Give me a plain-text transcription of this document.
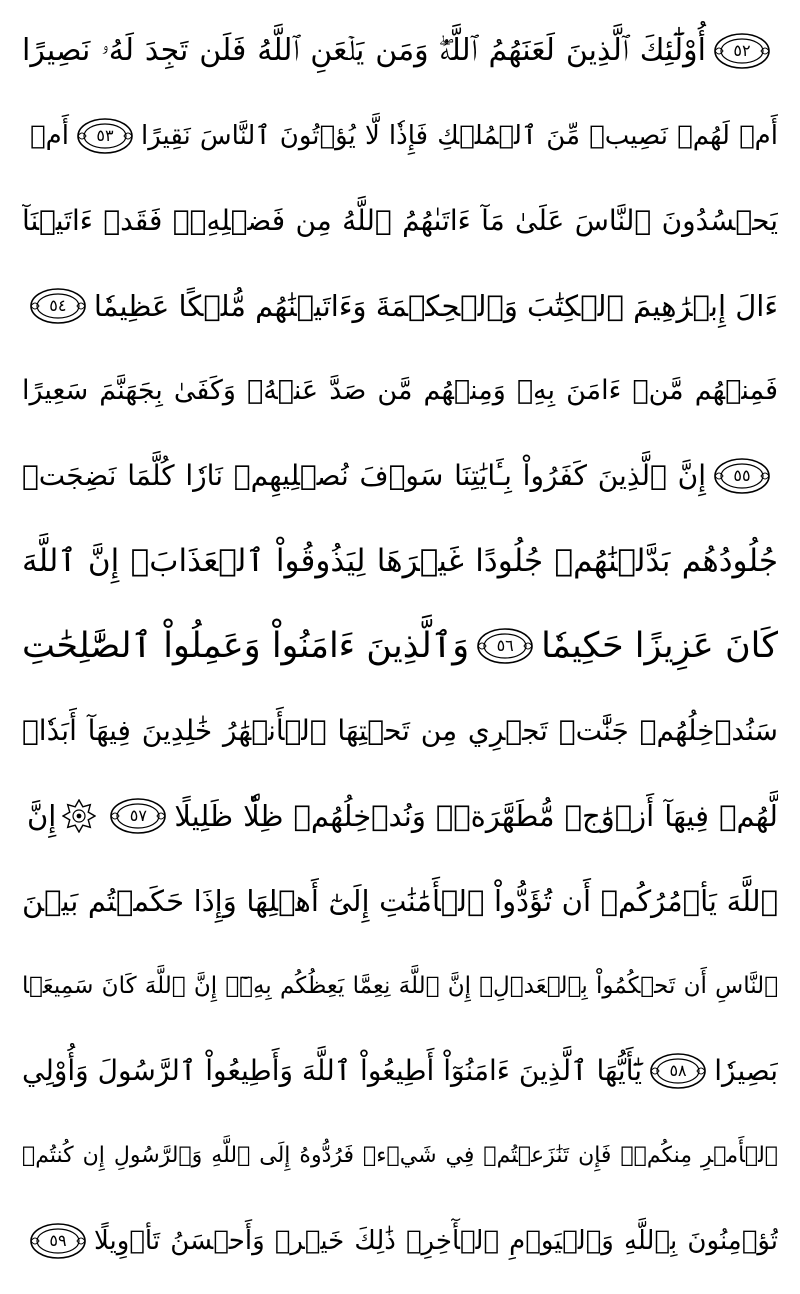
٥٢
أُوْلَٰٓئِكَ ٱلَّذِينَ لَعَنَهُمُ ٱللَّهُۖ وَمَن يَلۡعَنِ ٱللَّهُ فَلَن تَجِدَ لَهُۥ نَصِيرًا
أَمۡ لَهُمۡ نَصِيبٞ مِّنَ ٱلۡمُلۡكِ فَإِذٗا لَّا يُؤۡتُونَ ٱلنَّاسَ نَقِيرًا
٥٣
أَمۡ
يَحۡسُدُونَ ٱلنَّاسَ عَلَىٰ مَآ ءَاتَىٰهُمُ ٱللَّهُ مِن فَضۡلِهِۦۖ فَقَدۡ ءَاتَيۡنَآ
ءَالَ إِبۡرَٰهِيمَ ٱلۡكِتَٰبَ وَٱلۡحِكۡمَةَ وَءَاتَيۡنَٰهُم مُّلۡكًا عَظِيمٗا
٥٤
فَمِنۡهُم مَّنۡ ءَامَنَ بِهِۦ وَمِنۡهُم مَّن صَدَّ عَنۡهُۚ وَكَفَىٰ بِجَهَنَّمَ سَعِيرًا
٥٥
إِنَّ ٱلَّذِينَ كَفَرُواْ بِـَٔايَٰتِنَا سَوۡفَ نُصۡلِيهِمۡ نَارٗا كُلَّمَا نَضِجَتۡ
جُلُودُهُم بَدَّلۡنَٰهُمۡ جُلُودًا غَيۡرَهَا لِيَذُوقُواْ ٱلۡعَذَابَۗ إِنَّ ٱللَّهَ
كَانَ عَزِيزًا حَكِيمٗا
٥٦
وَٱلَّذِينَ ءَامَنُواْ وَعَمِلُواْ ٱلصَّٰلِحَٰتِ
سَنُدۡخِلُهُمۡ جَنَّٰتٖ تَجۡرِي مِن تَحۡتِهَا ٱلۡأَنۡهَٰرُ خَٰلِدِينَ فِيهَآ أَبَدٗاۖ
لَّهُمۡ فِيهَآ أَزۡوَٰجٞ مُّطَهَّرَةٞۖ وَنُدۡخِلُهُمۡ ظِلّٗا ظَلِيلًا
٥٧
إِنَّ
ٱللَّهَ يَأۡمُرُكُمۡ أَن تُؤَدُّواْ ٱلۡأَمَٰنَٰتِ إِلَىٰٓ أَهۡلِهَا وَإِذَا حَكَمۡتُم بَيۡنَ
ٱلنَّاسِ أَن تَحۡكُمُواْ بِٱلۡعَدۡلِۚ إِنَّ ٱللَّهَ نِعِمَّا يَعِظُكُم بِهِۦٓۗ إِنَّ ٱللَّهَ كَانَ سَمِيعَۢا
بَصِيرٗا
٥٨
يَٰٓأَيُّهَا ٱلَّذِينَ ءَامَنُوٓاْ أَطِيعُواْ ٱللَّهَ وَأَطِيعُواْ ٱلرَّسُولَ وَأُوْلِي
ٱلۡأَمۡرِ مِنكُمۡۖ فَإِن تَنَٰزَعۡتُمۡ فِي شَيۡءٖ فَرُدُّوهُ إِلَى ٱللَّهِ وَٱلرَّسُولِ إِن كُنتُمۡ
تُؤۡمِنُونَ بِٱللَّهِ وَٱلۡيَوۡمِ ٱلۡأٓخِرِۚ ذَٰلِكَ خَيۡرٞ وَأَحۡسَنُ تَأۡوِيلًا
٥٩
